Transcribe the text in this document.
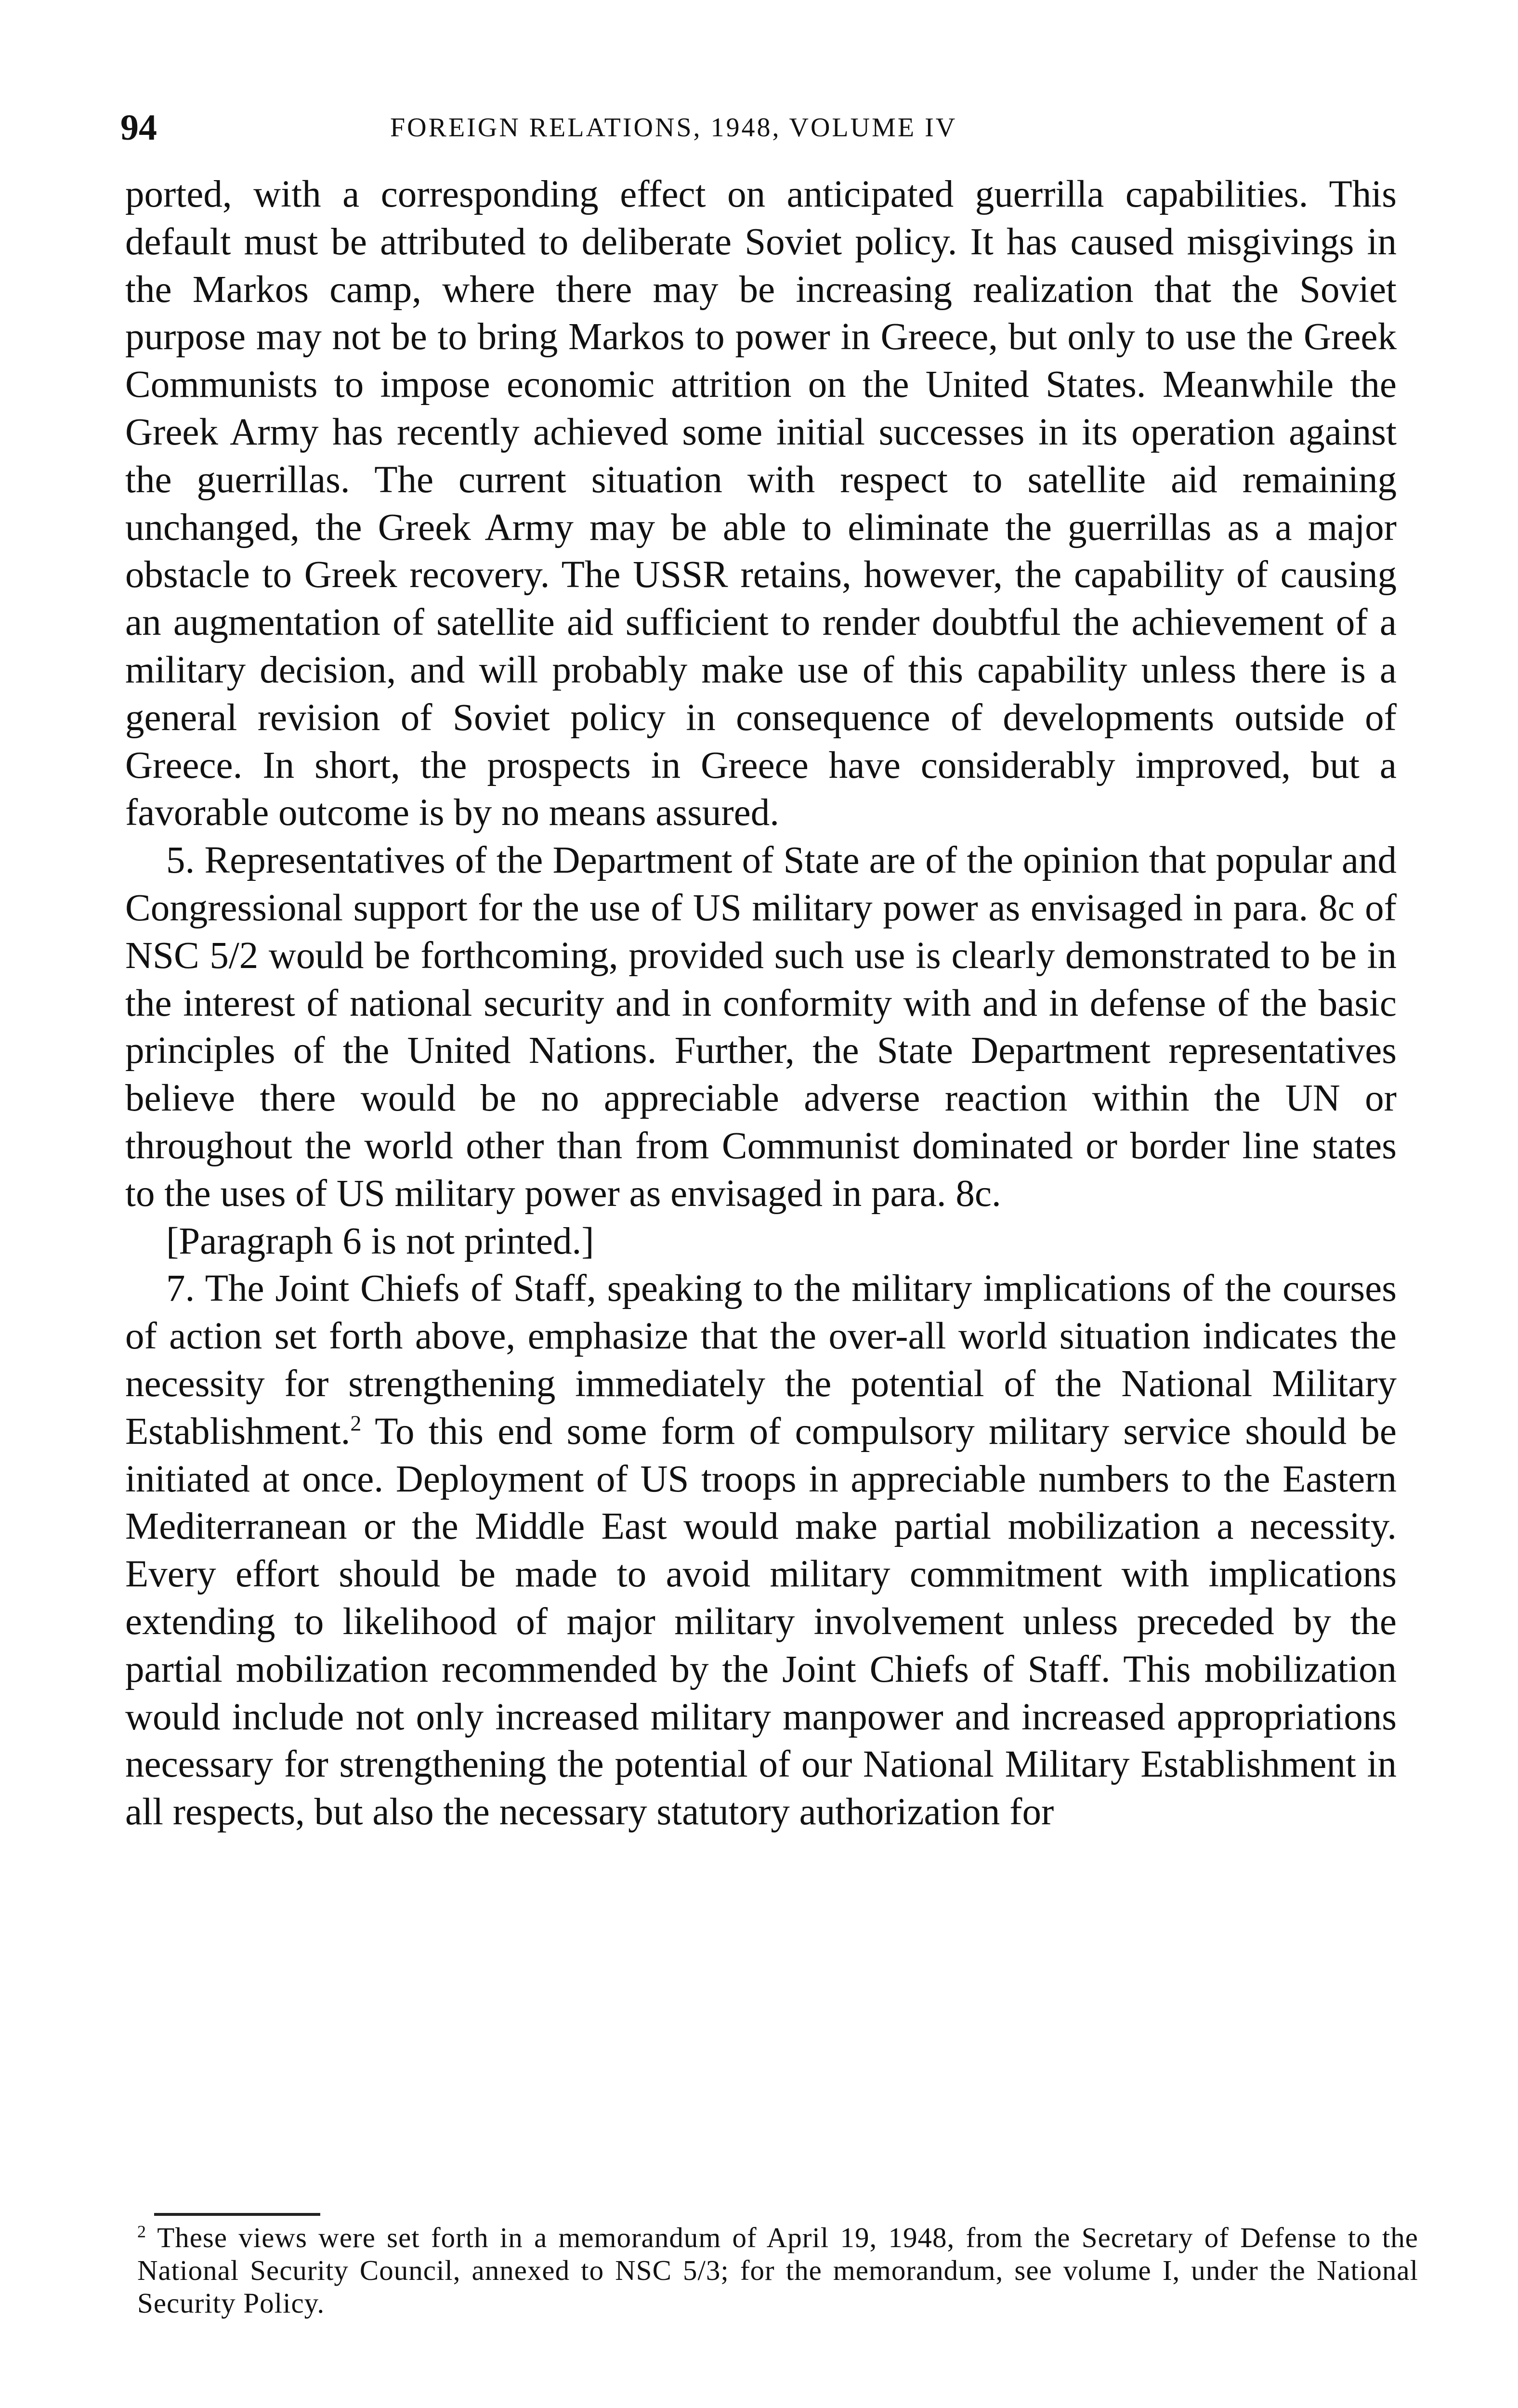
94	FOREIGN RELATIONS, 1948, VOLUME IV

ported, with a corresponding effect on anticipated guerrilla capabilities. This default must be attributed to deliberate Soviet policy. It has caused misgivings in the Markos camp, where there may be increasing realization that the Soviet purpose may not be to bring Markos to power in Greece, but only to use the Greek Communists to impose economic attrition on the United States. Meanwhile the Greek Army has recently achieved some initial successes in its operation against the guerrillas. The current situation with respect to satellite aid remaining unchanged, the Greek Army may be able to eliminate the guerrillas as a major obstacle to Greek recovery. The USSR retains, however, the capability of causing an augmentation of satellite aid sufficient to render doubtful the achievement of a military decision, and will probably make use of this capability unless there is a general revision of Soviet policy in consequence of developments outside of Greece. In short, the prospects in Greece have considerably improved, but a favorable outcome is by no means assured.

5. Representatives of the Department of State are of the opinion that popular and Congressional support for the use of US military power as envisaged in para. 8c of NSC 5/2 would be forthcoming, provided such use is clearly demonstrated to be in the interest of national security and in conformity with and in defense of the basic principles of the United Nations. Further, the State Department representatives believe there would be no appreciable adverse reaction within the UN or throughout the world other than from Communist dominated or border line states to the uses of US military power as envisaged in para. 8c.

[Paragraph 6 is not printed.]

7. The Joint Chiefs of Staff, speaking to the military implications of the courses of action set forth above, emphasize that the over-all world situation indicates the necessity for strengthening immediately the potential of the National Military Establishment.$^2$ To this end some form of compulsory military service should be initiated at once. Deployment of US troops in appreciable numbers to the Eastern Mediterranean or the Middle East would make partial mobilization a necessity. Every effort should be made to avoid military commitment with implications extending to likelihood of major military involvement unless preceded by the partial mobilization recommended by the Joint Chiefs of Staff. This mobilization would include not only increased military manpower and increased appropriations necessary for strengthening the potential of our National Military Establishment in all respects, but also the necessary statutory authorization for

$^2$ These views were set forth in a memorandum of April 19, 1948, from the Secretary of Defense to the National Security Council, annexed to NSC 5/3; for the memorandum, see volume I, under the National Security Policy.
